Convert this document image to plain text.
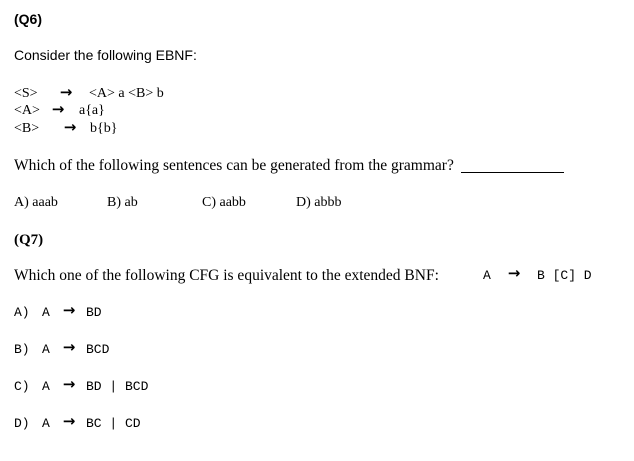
(Q6)
Consider the following EBNF:
<S> → <A> a <B> b
<A> → a{a}
<B> → b{b}
Which of the following sentences can be generated from the grammar?
A) aaab	B) ab	C) aabb	D) abbb
(Q7)
Which one of the following CFG is equivalent to the extended BNF:	A → B [C] D
A) A → BD
B) A → BCD
C) A → BD | BCD
D) A → BC | CD
